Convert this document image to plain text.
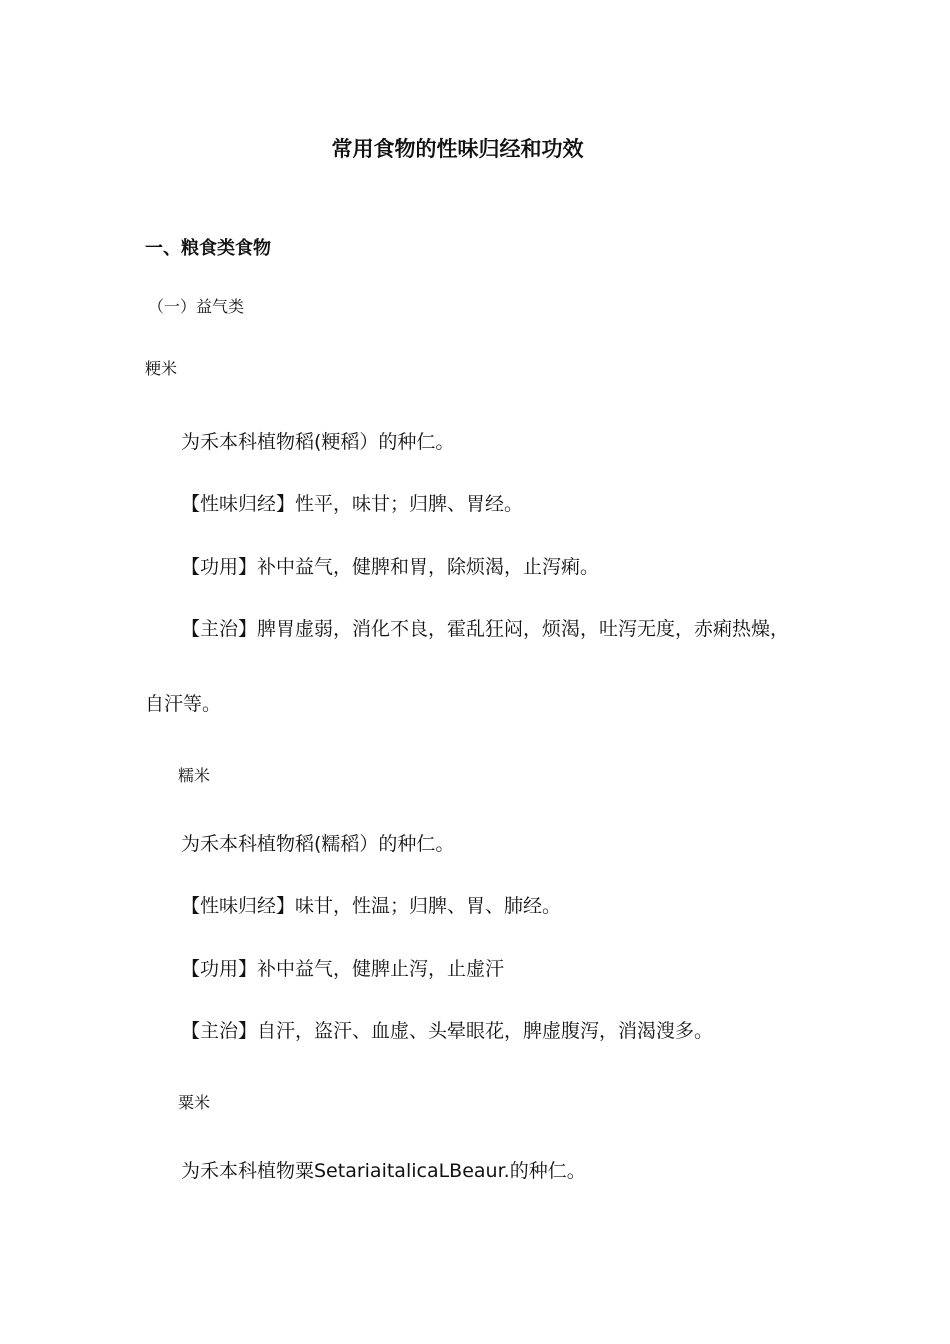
常用食物的性味归经和功效
一、粮食类食物
（一）益气类
粳米
为禾本科植物稻(粳稻）的种仁。
【性味归经】性平，味甘；归脾、胃经。
【功用】补中益气，健脾和胃，除烦渴，止泻痢。
【主治】脾胃虚弱，消化不良，霍乱狂闷，烦渴，吐泻无度，赤痢热燥，
自汗等。
糯米
为禾本科植物稻(糯稻）的种仁。
【性味归经】味甘，性温；归脾、胃、肺经。
【功用】补中益气，健脾止泻，止虚汗
【主治】自汗，盗汗、血虚、头晕眼花，脾虚腹泻，消渴溲多。
粟米
为禾本科植物粟SetariaitalicaLBeaur.的种仁。
